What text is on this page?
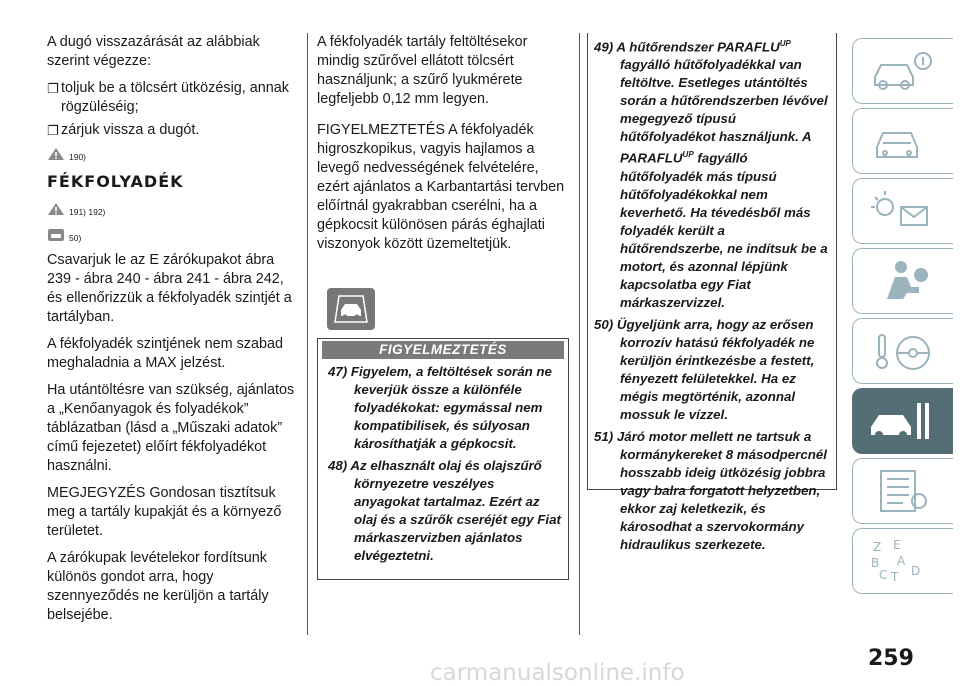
A dugó visszazárását az alábbiak szerint végezze:

❐ toljuk be a tölcsért ütközésig, annak rögzüléséig;
❐ zárjuk vissza a dugót.
190)
FÉKFOLYADÉK
191) 192)
50)

Csavarjuk le az E zárókupakot ábra 239 - ábra 240 - ábra 241 - ábra 242, és ellenőrizzük a fékfolyadék szintjét a tartályban.

A fékfolyadék szintjének nem szabad meghaladnia a MAX jelzést.

Ha utántöltésre van szükség, ajánlatos a „Kenőanyagok és folyadékok” táblázatban (lásd a „Műszaki adatok” című fejezetet) előírt fékfolyadékot használni.

MEGJEGYZÉS Gondosan tisztítsuk meg a tartály kupakját és a környező területet.

A zárókupak levételekor fordítsunk különös gondot arra, hogy szennyeződés ne kerüljön a tartály belsejébe.

A fékfolyadék tartály feltöltésekor mindig szűrővel ellátott tölcsért használjunk; a szűrő lyukmérete legfeljebb 0,12 mm legyen.

FIGYELMEZTETÉS A fékfolyadék higroszkopikus, vagyis hajlamos a levegő nedvességének felvételére, ezért ajánlatos a Karbantartási tervben előírtnál gyakrabban cserélni, ha a gépkocsit különösen párás éghajlati viszonyok között üzemeltetjük.

FIGYELMEZTETÉS
47) Figyelem, a feltöltések során ne keverjük össze a különféle folyadékokat: egymással nem kompatibilisek, és súlyosan károsíthatják a gépkocsit.
48) Az elhasznált olaj és olajszűrő környezetre veszélyes anyagokat tartalmaz. Ezért az olaj és a szűrők cseréjét egy Fiat márkaszervizben ajánlatos elvégeztetni.
49) A hűtőrendszer $PARAFLU^{UP}$ fagyálló hűtőfolyadékkal van feltöltve. Esetleges utántöltés során a hűtőrendszerben lévővel megegyező típusú hűtőfolyadékot használjunk. A $PARAFLU^{UP}$ fagyálló hűtőfolyadék más típusú hűtőfolyadékokkal nem keverhető. Ha tévedésből más folyadék került a hűtőrendszerbe, ne indítsuk be a motort, és azonnal lépjünk kapcsolatba egy Fiat márkaszervizzel.
50) Ügyeljünk arra, hogy az erősen korrozív hatású fékfolyadék ne kerüljön érintkezésbe a festett, fényezett felületekkel. Ha ez mégis megtörténik, azonnal mossuk le vízzel.
51) Járó motor mellett ne tartsuk a kormánykereket 8 másodpercnél hosszabb ideig ütközésig jobbra vagy balra forgatott helyzetben, ekkor zaj keletkezik, és károsodhat a szervokormány hidraulikus szerkezete.	Z E
B A
C T D
259
carmanualsonline.info
